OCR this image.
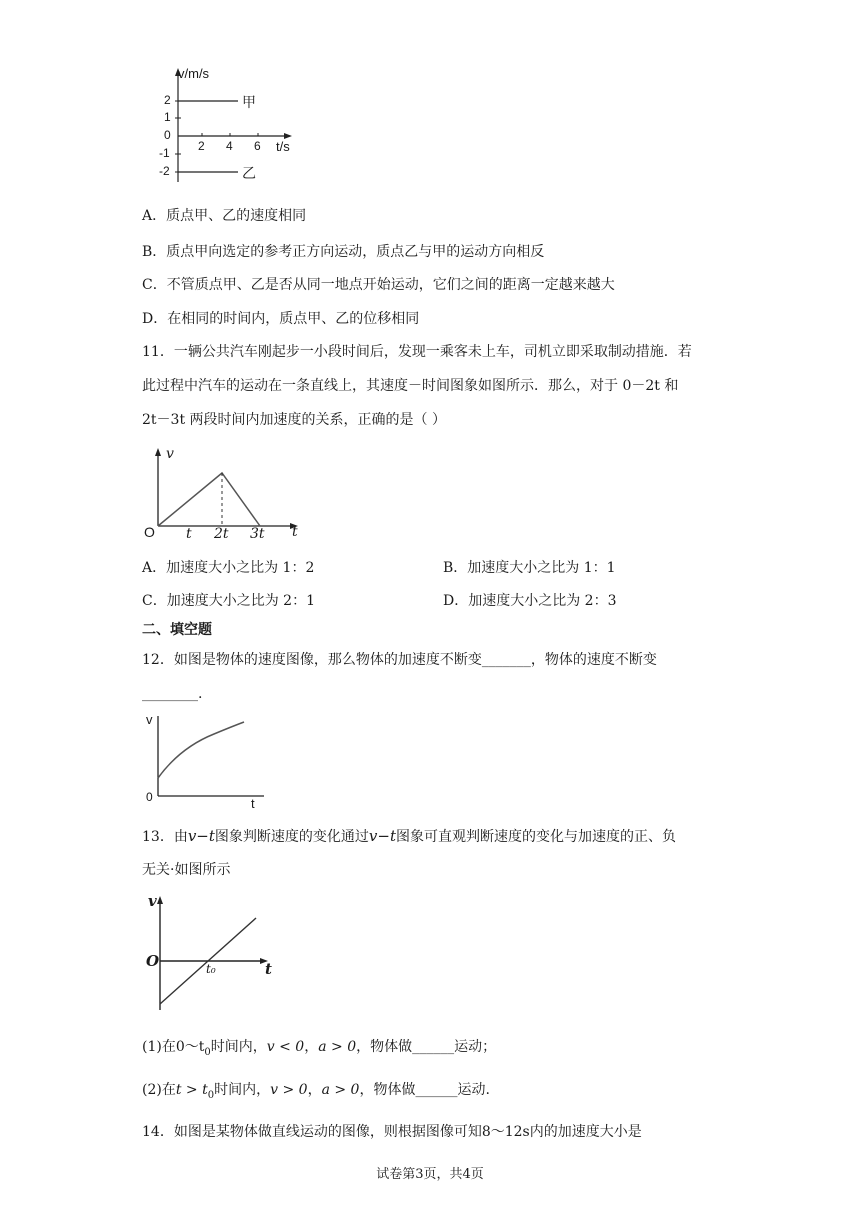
v/m/s
t/s
2
1
0
-1
-2
2 4 6
甲
乙
A．质点甲、乙的速度相同
B．质点甲向选定的参考正方向运动，质点乙与甲的运动方向相反
C．不管质点甲、乙是否从同一地点开始运动，它们之间的距离一定越来越大
D．在相同的时间内，质点甲、乙的位移相同
11．一辆公共汽车刚起步一小段时间后，发现一乘客未上车，司机立即采取制动措施．若
此过程中汽车的运动在一条直线上，其速度－时间图象如图所示．那么，对于 0－2t 和
2t－3t 两段时间内加速度的关系，正确的是（ ）
v
O t 2t 3t t
A．加速度大小之比为 1：2	B．加速度大小之比为 1：1
C．加速度大小之比为 2：1	D．加速度大小之比为 2：3
二、填空题
12．如图是物体的速度图像，那么物体的加速度不断变_______，物体的速度不断变
________.
v
0	t
13．由v−t图象判断速度的变化通过v−t图象可直观判断速度的变化与加速度的正、负
无关·如图所示
v
O	t₀	t
(1)在$0\sim t_0$时间内，v < 0，a > 0，物体做______运动；
(2)在$t > t_0$时间内，v > 0，a > 0，物体做______运动.
14．如图是某物体做直线运动的图像，则根据图像可知8～12s内的加速度大小是
试卷第3页，共4页
